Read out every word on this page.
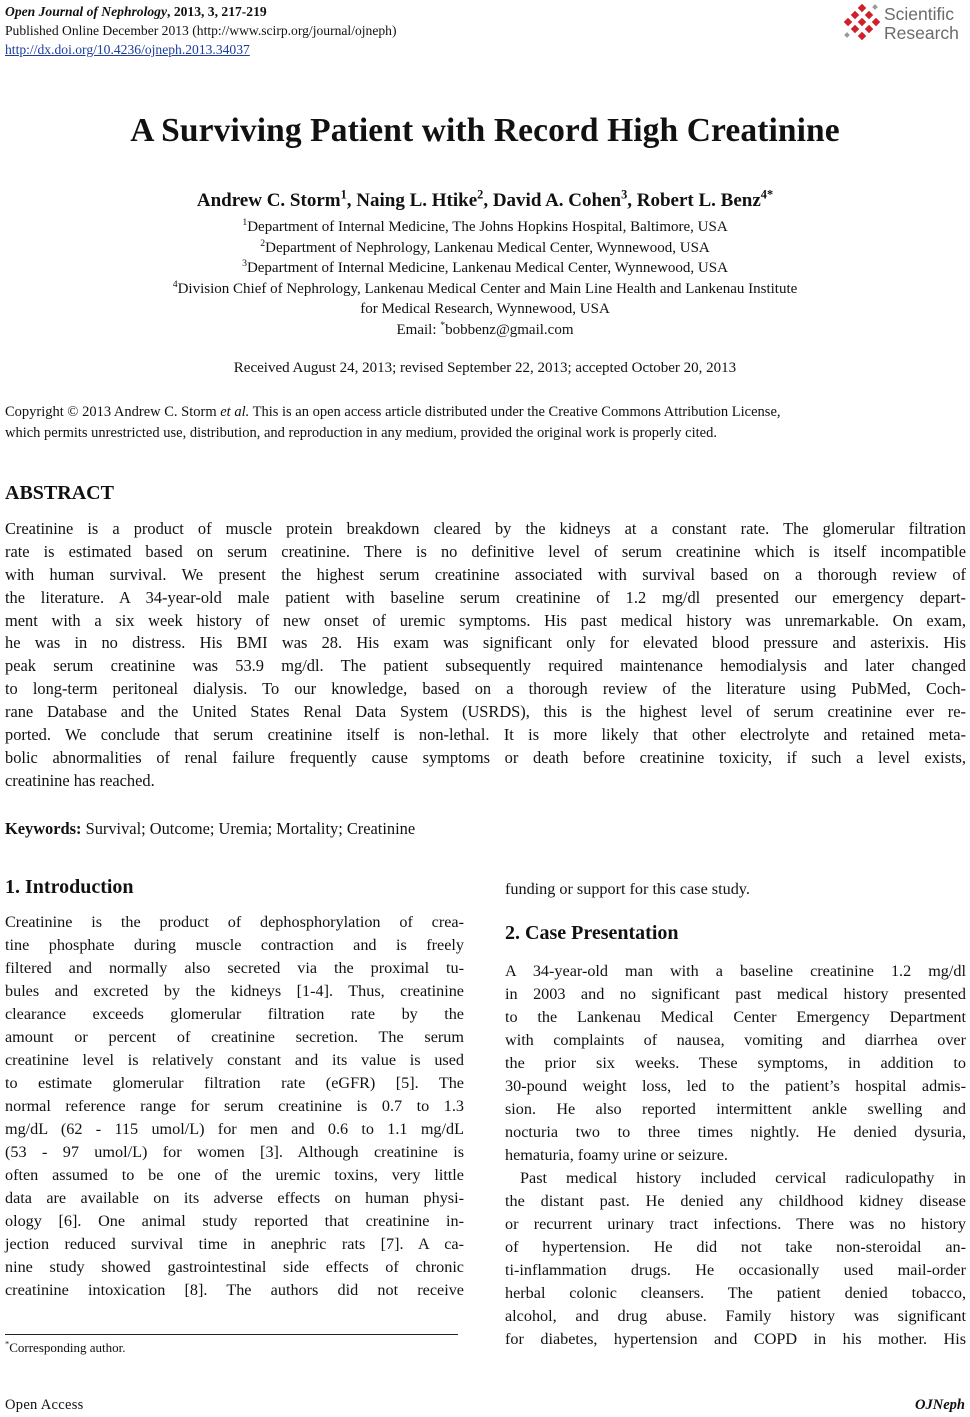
Open Journal of Nephrology, 2013, 3, 217-219
Published Online December 2013 (http://www.scirp.org/journal/ojneph)
http://dx.doi.org/10.4236/ojneph.2013.34037
Scientific
Research
A Surviving Patient with Record High Creatinine
Andrew C. Storm$^1$, Naing L. Htike$^2$, David A. Cohen$^3$, Robert L. Benz$^{4*}$
$^1$Department of Internal Medicine, The Johns Hopkins Hospital, Baltimore, USA
$^2$Department of Nephrology, Lankenau Medical Center, Wynnewood, USA
$^3$Department of Internal Medicine, Lankenau Medical Center, Wynnewood, USA
$^4$Division Chief of Nephrology, Lankenau Medical Center and Main Line Health and Lankenau Institute
for Medical Research, Wynnewood, USA
Email: *bobbenz@gmail.com
Received August 24, 2013; revised September 22, 2013; accepted October 20, 2013
Copyright © 2013 Andrew C. Storm et al. This is an open access article distributed under the Creative Commons Attribution License,
which permits unrestricted use, distribution, and reproduction in any medium, provided the original work is properly cited.
ABSTRACT
Creatinine is a product of muscle protein breakdown cleared by the kidneys at a constant rate. The glomerular filtration
rate is estimated based on serum creatinine. There is no definitive level of serum creatinine which is itself incompatible
with human survival. We present the highest serum creatinine associated with survival based on a thorough review of
the literature. A 34-year-old male patient with baseline serum creatinine of 1.2 mg/dl presented our emergency depart-
ment with a six week history of new onset of uremic symptoms. His past medical history was unremarkable. On exam,
he was in no distress. His BMI was 28. His exam was significant only for elevated blood pressure and asterixis. His
peak serum creatinine was 53.9 mg/dl. The patient subsequently required maintenance hemodialysis and later changed
to long-term peritoneal dialysis. To our knowledge, based on a thorough review of the literature using PubMed, Coch-
rane Database and the United States Renal Data System (USRDS), this is the highest level of serum creatinine ever re-
ported. We conclude that serum creatinine itself is non-lethal. It is more likely that other electrolyte and retained meta-
bolic abnormalities of renal failure frequently cause symptoms or death before creatinine toxicity, if such a level exists,
creatinine has reached.
Keywords: Survival; Outcome; Uremia; Mortality; Creatinine
1. Introduction
Creatinine is the product of dephosphorylation of crea-
tine phosphate during muscle contraction and is freely
filtered and normally also secreted via the proximal tu-
bules and excreted by the kidneys [1-4]. Thus, creatinine
clearance exceeds glomerular filtration rate by the
amount or percent of creatinine secretion. The serum
creatinine level is relatively constant and its value is used
to estimate glomerular filtration rate (eGFR) [5]. The
normal reference range for serum creatinine is 0.7 to 1.3
mg/dL (62 - 115 umol/L) for men and 0.6 to 1.1 mg/dL
(53 - 97 umol/L) for women [3]. Although creatinine is
often assumed to be one of the uremic toxins, very little
data are available on its adverse effects on human physi-
ology [6]. One animal study reported that creatinine in-
jection reduced survival time in anephric rats [7]. A ca-
nine study showed gastrointestinal side effects of chronic
creatinine intoxication [8]. The authors did not receive
*Corresponding author.
funding or support for this case study.
2. Case Presentation
A 34-year-old man with a baseline creatinine 1.2 mg/dl
in 2003 and no significant past medical history presented
to the Lankenau Medical Center Emergency Department
with complaints of nausea, vomiting and diarrhea over
the prior six weeks. These symptoms, in addition to
30-pound weight loss, led to the patient’s hospital admis-
sion. He also reported intermittent ankle swelling and
nocturia two to three times nightly. He denied dysuria,
hematuria, foamy urine or seizure.
Past medical history included cervical radiculopathy in
the distant past. He denied any childhood kidney disease
or recurrent urinary tract infections. There was no history
of hypertension. He did not take non-steroidal an-
ti-inflammation drugs. He occasionally used mail-order
herbal colonic cleansers. The patient denied tobacco,
alcohol, and drug abuse. Family history was significant
for diabetes, hypertension and COPD in his mother. His
Open Access	OJNeph
